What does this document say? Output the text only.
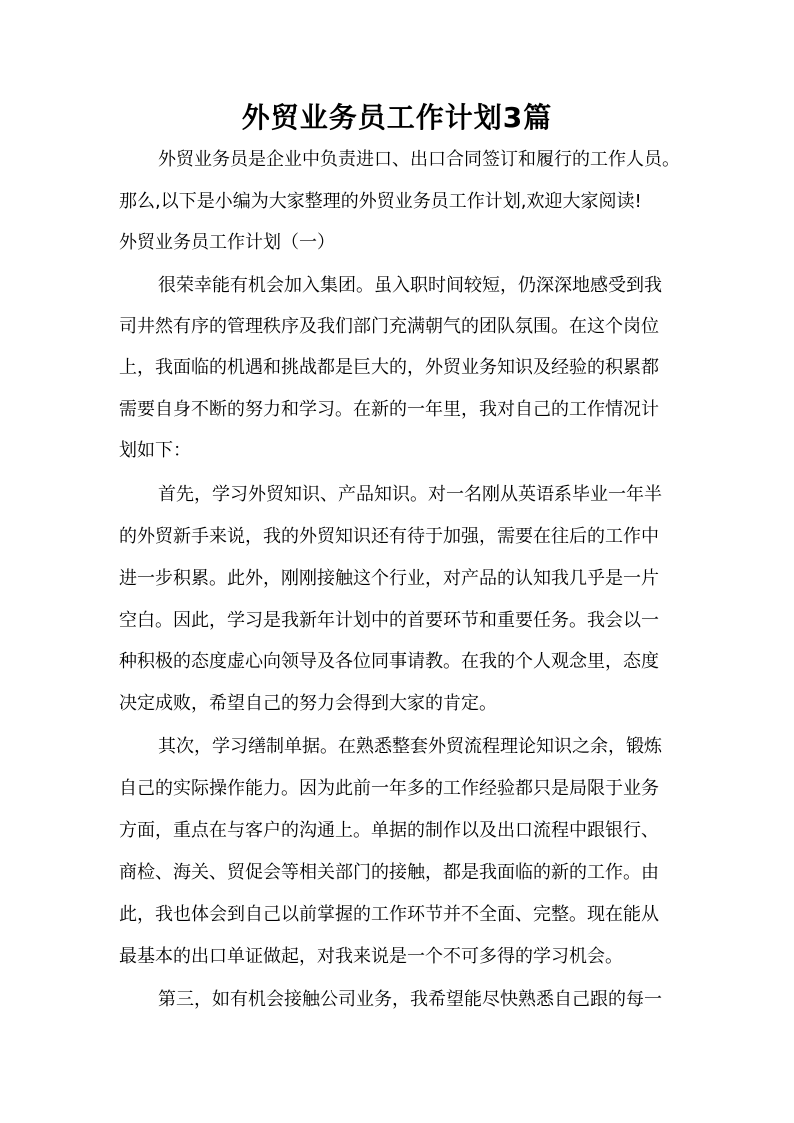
外贸业务员工作计划3篇
外贸业务员是企业中负责进口、出口合同签订和履行的工作人员。
那么,以下是小编为大家整理的外贸业务员工作计划,欢迎大家阅读!
外贸业务员工作计划（一）
很荣幸能有机会加入集团。虽入职时间较短，仍深深地感受到我
司井然有序的管理秩序及我们部门充满朝气的团队氛围。在这个岗位
上，我面临的机遇和挑战都是巨大的，外贸业务知识及经验的积累都
需要自身不断的努力和学习。在新的一年里，我对自己的工作情况计
划如下：
首先，学习外贸知识、产品知识。对一名刚从英语系毕业一年半
的外贸新手来说，我的外贸知识还有待于加强，需要在往后的工作中
进一步积累。此外，刚刚接触这个行业，对产品的认知我几乎是一片
空白。因此，学习是我新年计划中的首要环节和重要任务。我会以一
种积极的态度虚心向领导及各位同事请教。在我的个人观念里，态度
决定成败，希望自己的努力会得到大家的肯定。
其次，学习缮制单据。在熟悉整套外贸流程理论知识之余，锻炼
自己的实际操作能力。因为此前一年多的工作经验都只是局限于业务
方面，重点在与客户的沟通上。单据的制作以及出口流程中跟银行、
商检、海关、贸促会等相关部门的接触，都是我面临的新的工作。由
此，我也体会到自己以前掌握的工作环节并不全面、完整。现在能从
最基本的出口单证做起，对我来说是一个不可多得的学习机会。
第三，如有机会接触公司业务，我希望能尽快熟悉自己跟的每一
